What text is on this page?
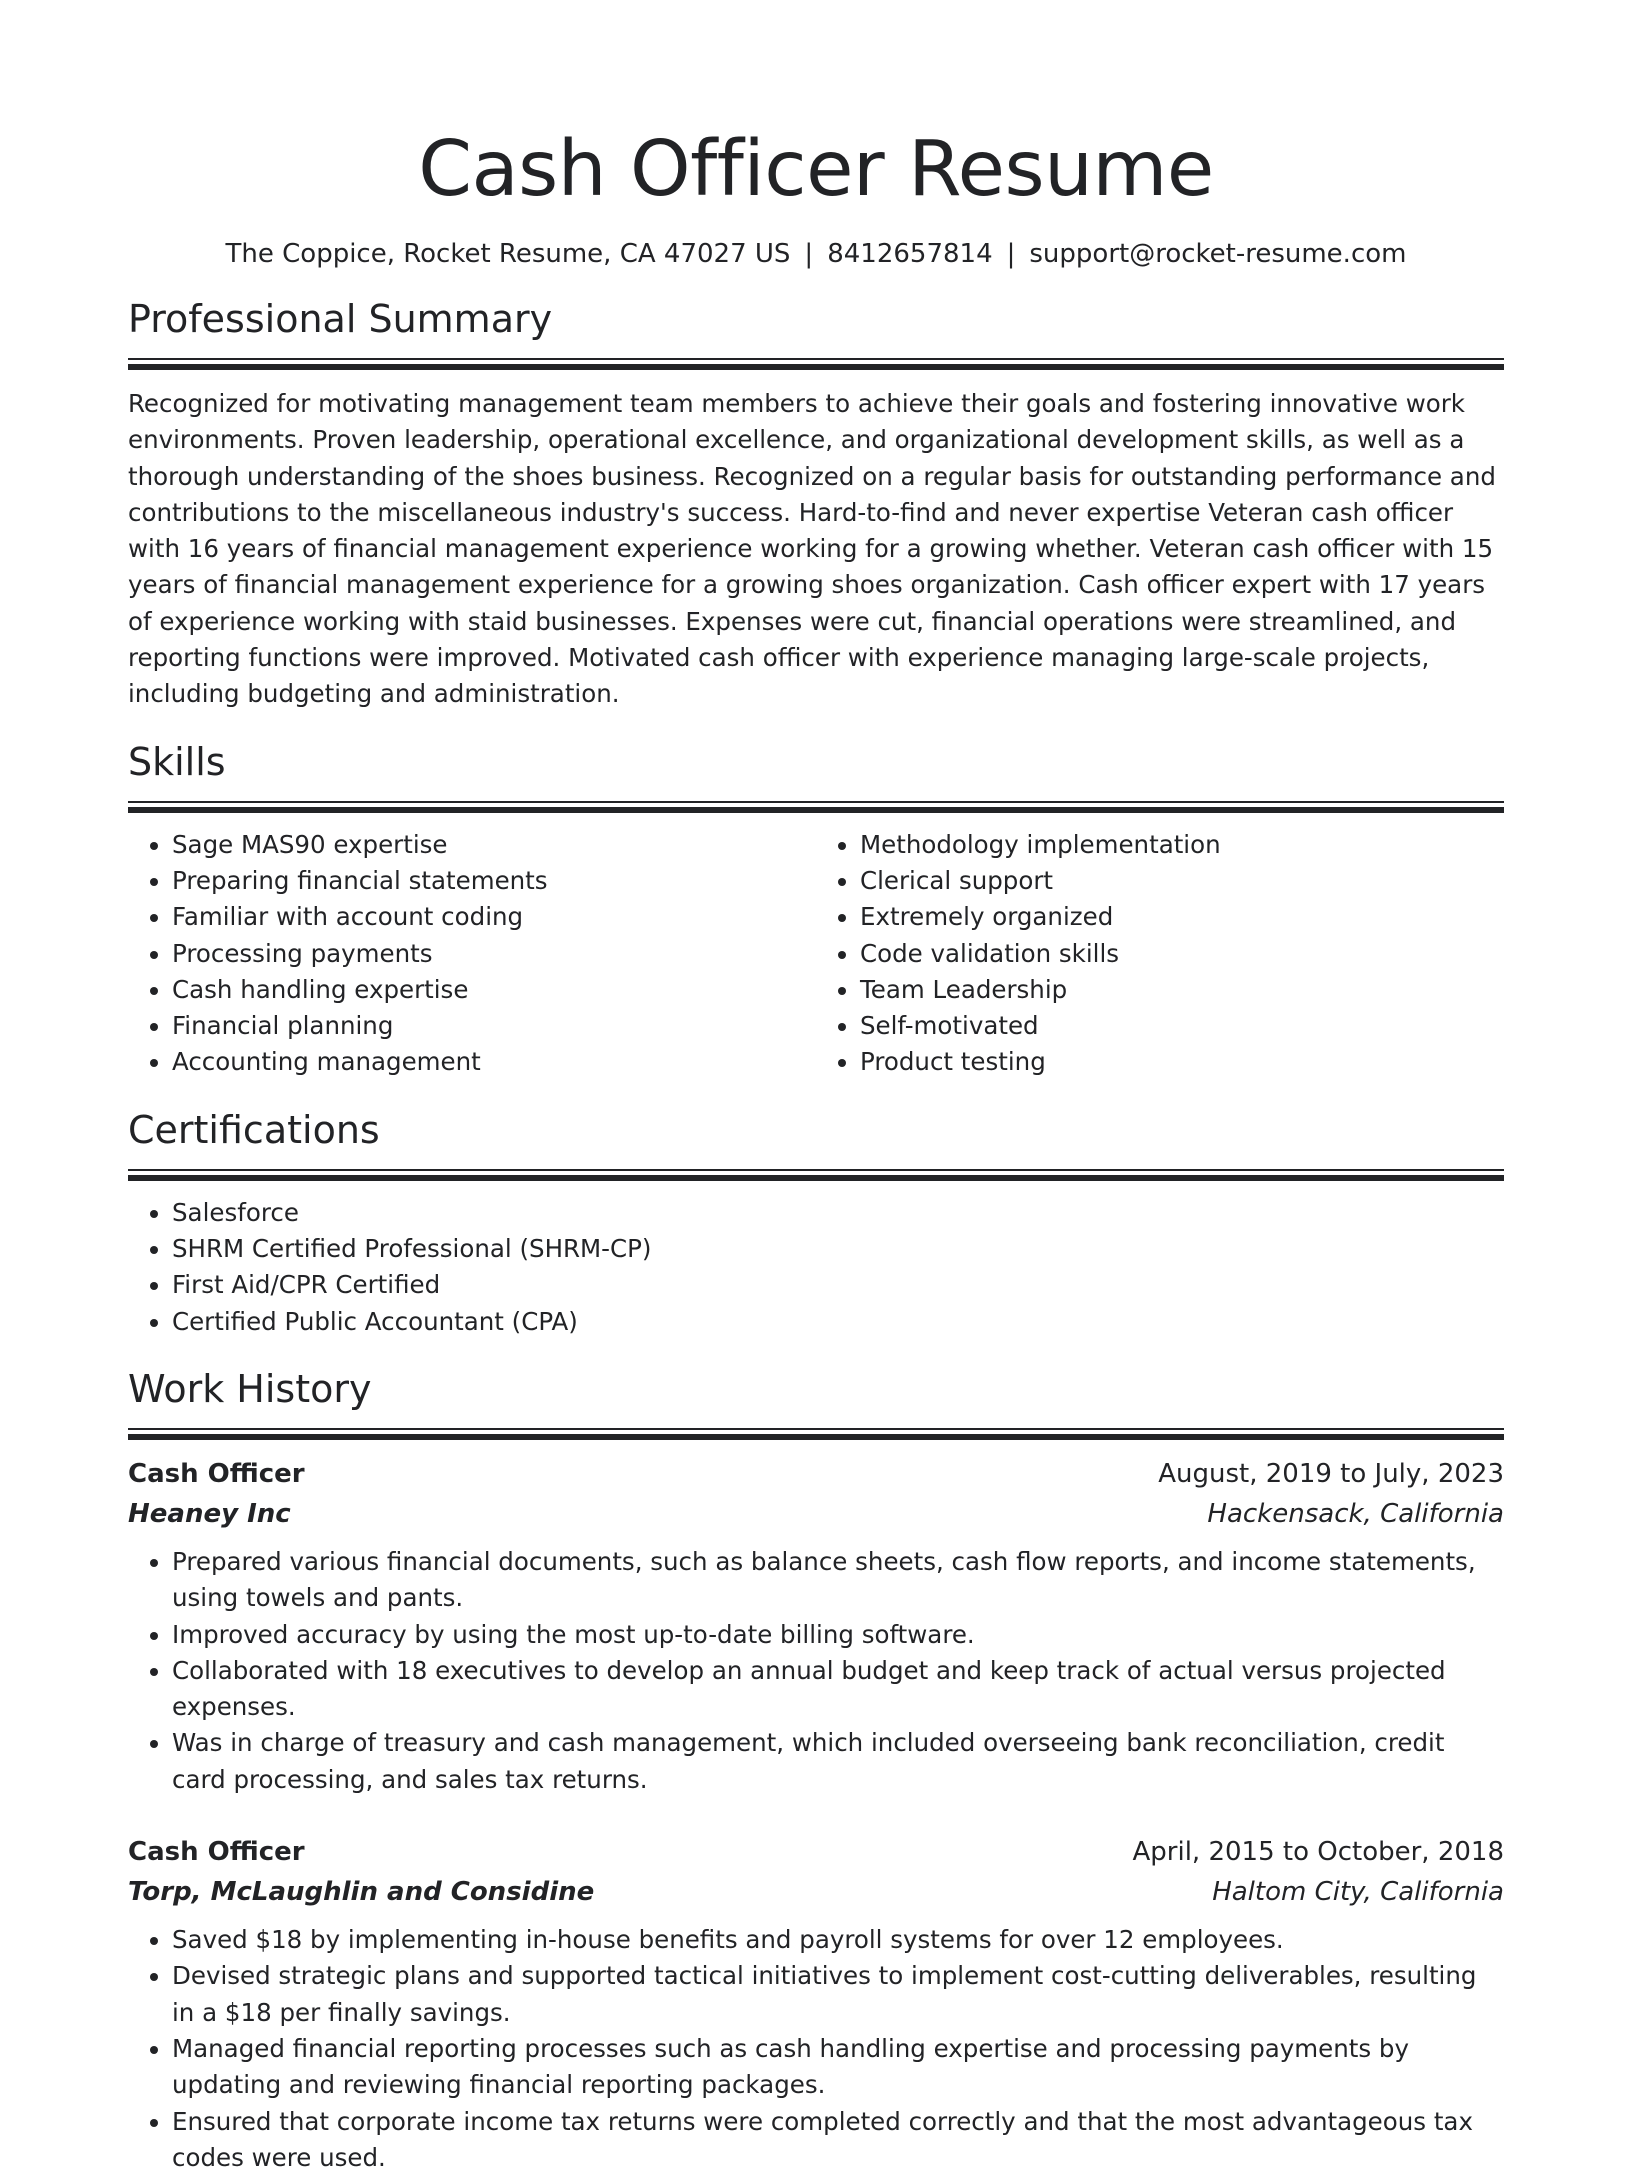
Cash Officer Resume
The Coppice, Rocket Resume, CA 47027 US | 8412657814 | support@rocket-resume.com
Professional Summary

Recognized for motivating management team members to achieve their goals and fostering innovative work environments. Proven leadership, operational excellence, and organizational development skills, as well as a thorough understanding of the shoes business. Recognized on a regular basis for outstanding performance and contributions to the miscellaneous industry's success. Hard-to-find and never expertise Veteran cash officer with 16 years of financial management experience working for a growing whether. Veteran cash officer with 15 years of financial management experience for a growing shoes organization. Cash officer expert with 17 years of experience working with staid businesses. Expenses were cut, financial operations were streamlined, and reporting functions were improved. Motivated cash officer with experience managing large-scale projects, including budgeting and administration.

Skills
• Sage MAS90 expertise
• Preparing financial statements
• Familiar with account coding
• Processing payments
• Cash handling expertise
• Financial planning
• Accounting management
• Methodology implementation
• Clerical support
• Extremely organized
• Code validation skills
• Team Leadership
• Self-motivated
• Product testing
Certifications
• Salesforce
• SHRM Certified Professional (SHRM-CP)
• First Aid/CPR Certified
• Certified Public Accountant (CPA)
Work History
Cash Officer	August, 2019 to July, 2023
Heaney Inc	Hackensack, California
• Prepared various financial documents, such as balance sheets, cash flow reports, and income statements, using towels and pants.
• Improved accuracy by using the most up-to-date billing software.
• Collaborated with 18 executives to develop an annual budget and keep track of actual versus projected expenses.
• Was in charge of treasury and cash management, which included overseeing bank reconciliation, credit card processing, and sales tax returns.
Cash Officer	April, 2015 to October, 2018
Torp, McLaughlin and Considine	Haltom City, California
• Saved $18 by implementing in-house benefits and payroll systems for over 12 employees.
• Devised strategic plans and supported tactical initiatives to implement cost-cutting deliverables, resulting in a $18 per finally savings.
• Managed financial reporting processes such as cash handling expertise and processing payments by updating and reviewing financial reporting packages.
• Ensured that corporate income tax returns were completed correctly and that the most advantageous tax codes were used.
